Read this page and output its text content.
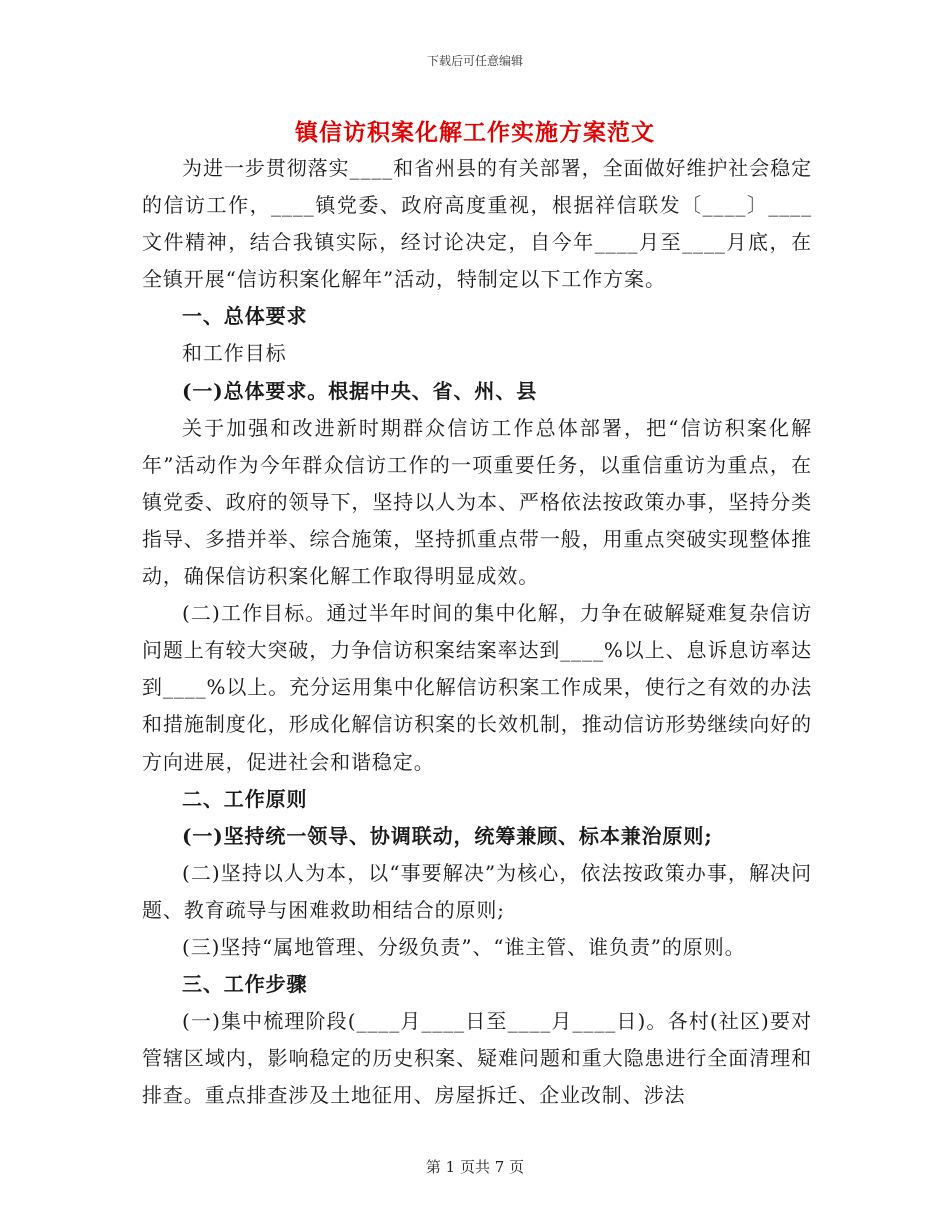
下载后可任意编辑
镇信访积案化解工作实施方案范文

为进一步贯彻落实____和省州县的有关部署，全面做好维护社会稳定的信访工作，____镇党委、政府高度重视，根据祥信联发〔____〕____文件精神，结合我镇实际，经讨论决定，自今年____月至____月底，在全镇开展“信访积案化解年”活动，特制定以下工作方案。

一、总体要求

和工作目标

(一)总体要求。根据中央、省、州、县

关于加强和改进新时期群众信访工作总体部署，把“信访积案化解年”活动作为今年群众信访工作的一项重要任务，以重信重访为重点，在镇党委、政府的领导下，坚持以人为本、严格依法按政策办事，坚持分类指导、多措并举、综合施策，坚持抓重点带一般，用重点突破实现整体推动，确保信访积案化解工作取得明显成效。

(二)工作目标。通过半年时间的集中化解，力争在破解疑难复杂信访问题上有较大突破，力争信访积案结案率达到____%以上、息诉息访率达到____%以上。充分运用集中化解信访积案工作成果，使行之有效的办法和措施制度化，形成化解信访积案的长效机制，推动信访形势继续向好的方向进展，促进社会和谐稳定。

二、工作原则

(一)坚持统一领导、协调联动，统筹兼顾、标本兼治原则;

(二)坚持以人为本，以“事要解决”为核心，依法按政策办事，解决问题、教育疏导与困难救助相结合的原则;

(三)坚持“属地管理、分级负责”、“谁主管、谁负责”的原则。

三、工作步骤

(一)集中梳理阶段(____月____日至____月____日)。各村(社区)要对管辖区域内，影响稳定的历史积案、疑难问题和重大隐患进行全面清理和排查。重点排查涉及土地征用、房屋拆迁、企业改制、涉法

第 1 页共 7 页
